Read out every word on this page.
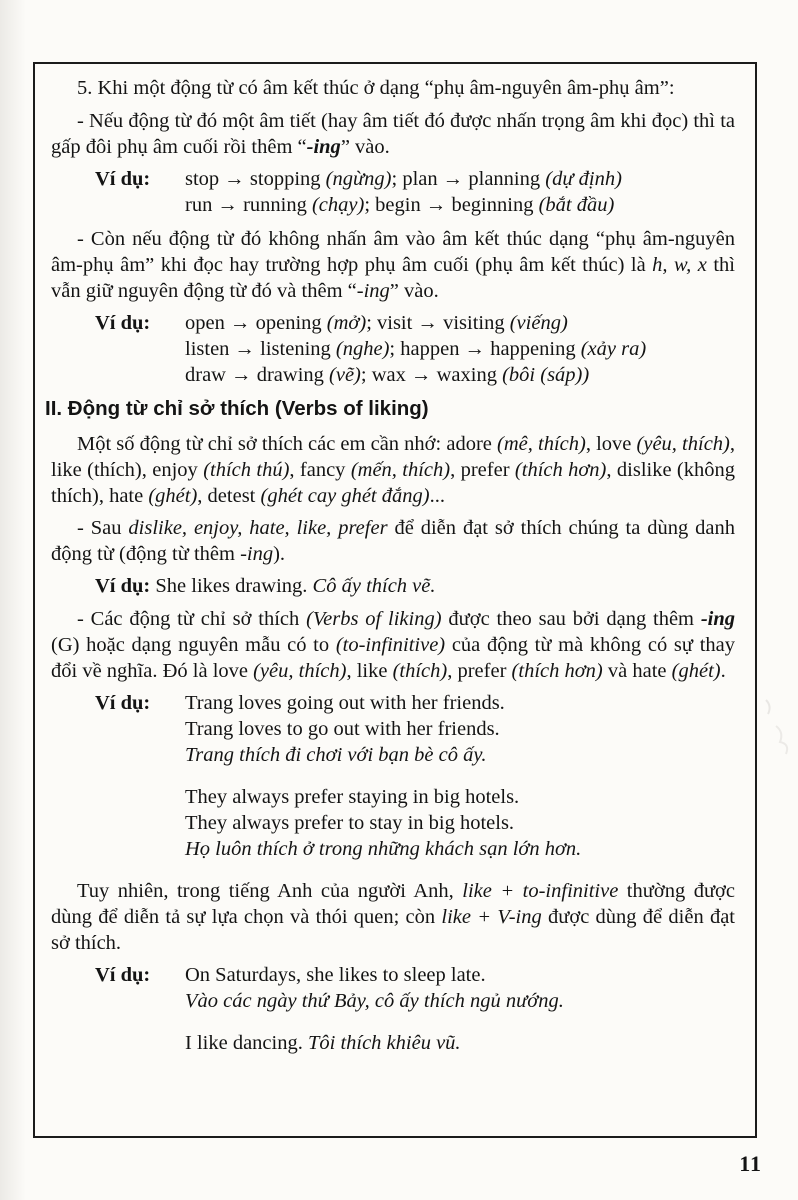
5. Khi một động từ có âm kết thúc ở dạng “phụ âm-nguyên âm-phụ âm”:
- Nếu động từ đó một âm tiết (hay âm tiết đó được nhấn trọng âm khi đọc) thì ta gấp đôi phụ âm cuối rồi thêm “-ing” vào.
Ví dụ:	stop → stopping (ngừng); plan → planning (dự định)
run → running (chạy); begin → beginning (bắt đầu)
- Còn nếu động từ đó không nhấn âm vào âm kết thúc dạng “phụ âm-nguyên âm-phụ âm” khi đọc hay trường hợp phụ âm cuối (phụ âm kết thúc) là h, w, x thì vẫn giữ nguyên động từ đó và thêm “-ing” vào.
Ví dụ:	open → opening (mở); visit → visiting (viếng)
listen → listening (nghe); happen → happening (xảy ra)
draw → drawing (vẽ); wax → waxing (bôi (sáp))
II. Động từ chỉ sở thích (Verbs of liking)
Một số động từ chỉ sở thích các em cần nhớ: adore (mê, thích), love (yêu, thích), like (thích), enjoy (thích thú), fancy (mến, thích), prefer (thích hơn), dislike (không thích), hate (ghét), detest (ghét cay ghét đắng)...
- Sau dislike, enjoy, hate, like, prefer để diễn đạt sở thích chúng ta dùng danh động từ (động từ thêm -ing).
Ví dụ: She likes drawing. Cô ấy thích vẽ.
- Các động từ chỉ sở thích (Verbs of liking) được theo sau bởi dạng thêm -ing (G) hoặc dạng nguyên mẫu có to (to-infinitive) của động từ mà không có sự thay đổi về nghĩa. Đó là love (yêu, thích), like (thích), prefer (thích hơn) và hate (ghét).
Ví dụ:	Trang loves going out with her friends.
Trang loves to go out with her friends.
Trang thích đi chơi với bạn bè cô ấy.
They always prefer staying in big hotels.
They always prefer to stay in big hotels.
Họ luôn thích ở trong những khách sạn lớn hơn.
Tuy nhiên, trong tiếng Anh của người Anh, like + to-infinitive thường được dùng để diễn tả sự lựa chọn và thói quen; còn like + V-ing được dùng để diễn đạt sở thích.
Ví dụ:	On Saturdays, she likes to sleep late.
Vào các ngày thứ Bảy, cô ấy thích ngủ nướng.
I like dancing. Tôi thích khiêu vũ.
11
